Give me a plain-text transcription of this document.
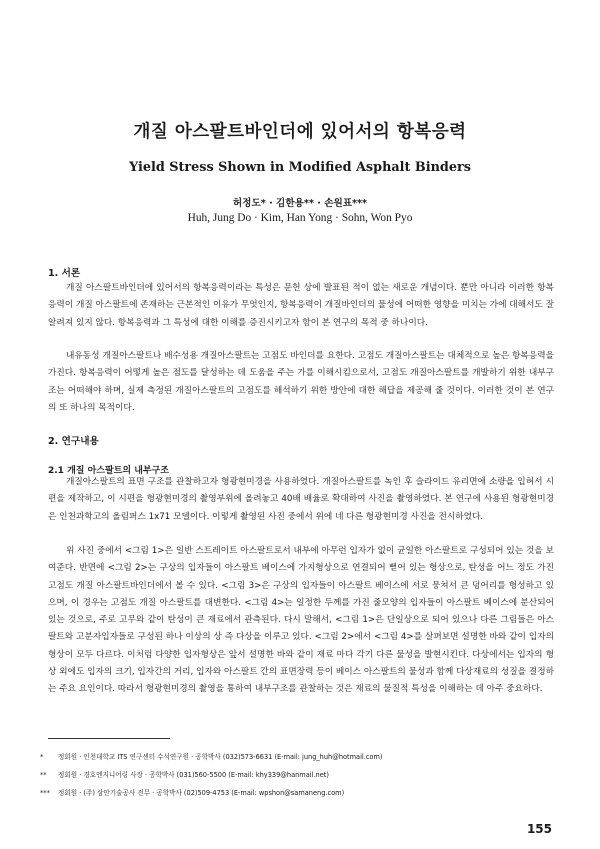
개질 아스팔트바인더에 있어서의 항복응력
Yield Stress Shown in Modified Asphalt Binders
허정도* · 김한용** · 손원표***
Huh, Jung Do · Kim, Han Yong · Sohn, Won Pyo
1. 서론

개질 아스팔트바인더에 있어서의 항복응력이라는 특성은 문헌 상에 발표된 적이 없는 새로운 개념이다. 뿐만 아니라 이러한 항복응력이 개질 아스팔트에 존재하는 근본적인 이유가 무엇인지, 항복응력이 개질바인더의 물성에 어떠한 영향을 미치는 가에 대해서도 잘 알려져 있지 않다. 항복응력과 그 특성에 대한 이해를 증진시키고자 함이 본 연구의 목적 중 하나이다.

내유동성 개질아스팔트나 배수성용 개질아스팔트는 고점도 바인더를 요한다. 고점도 개질아스팔트는 대체적으로 높은 항복응력을 가진다. 항복응력이 어떻게 높은 점도를 달성하는 데 도움을 주는 가를 이해시킴으로서, 고점도 개질아스팔트를 개발하기 위한 내부구조는 어떠해야 하며, 실제 측정된 개질아스팔트의 고점도를 해석하기 위한 방안에 대한 해답을 제공해 줄 것이다. 이러한 것이 본 연구의 또 하나의 목적이다.

2. 연구내용
2.1 개질 아스팔트의 내부구조

개질아스팔트의 표면 구조를 관찰하고자 형광현미경을 사용하였다. 개질아스팔트를 녹인 후 슬라이드 유리면에 소량을 입혀서 시편을 제작하고, 이 시편을 형광현미경의 촬영부위에 올려놓고 40배 배율로 확대하여 사진을 촬영하였다. 본 연구에 사용된 형광현미경은 인천과학고의 올림퍼스 1x71 모델이다. 이렇게 촬영된 사진 중에서 위에 네 다른 형광현미경 사진을 전시하였다.

위 사진 중에서 <그림 1>은 일반 스트레이트 아스팔트로서 내부에 아무런 입자가 없이 균일한 아스팔트로 구성되어 있는 것을 보여준다. 반면에 <그림 2>는 구상의 입자들이 아스팔트 베이스에 가지형상으로 연결되어 뻗어 있는 형상으로, 탄성을 어느 정도 가진 고점도 개질 아스팔트바인더에서 볼 수 있다. <그림 3>은 구상의 입자들이 아스팔트 베이스에 서로 뭉쳐서 큰 덩어리를 형성하고 있으며, 이 경우는 고점도 개질 아스팔트를 대변한다. <그림 4>는 일정한 두께를 가진 줄모양의 입자들이 아스팔트 베이스에 분산되어 있는 것으로, 주로 고무와 같이 탄성이 큰 재료에서 관측된다. 다시 말해서, <그림 1>은 단일상으로 되어 있으나 다른 그림들은 아스팔트와 고분자입자들로 구성된 하나 이상의 상 즉 다상을 이루고 있다. <그림 2>에서 <그림 4>를 살펴보면 설명한 바와 같이 입자의 형상이 모두 다르다. 이처럼 다양한 입자형상은 앞서 설명한 바와 같이 재료 마다 각기 다른 물성을 발현시킨다. 다상에서는 입자의 형상 외에도 입자의 크기, 입자간의 거리, 입자와 아스팔트 간의 표면장력 등이 베이스 아스팔트의 물성과 함께 다상재료의 성질을 결정하는 주요 요인이다. 따라서 형광현미경의 촬영을 통하여 내부구조를 관찰하는 것은 재료의 물질적 특성을 이해하는 데 아주 중요하다.

* 정회원 · 인천대학교 ITS 연구센터 수석연구원 · 공학박사 (032)573-6631 (E-mail: jung_huh@hotmail.com)
** 정회원 · 경호엔지니어링 사장 · 공학박사 (031)560-5500 (E-mail: khy339@hanmail.net)
*** 정회원 · (주) 삼안기술공사 전무 · 공학박사 (02)509-4753 (E-mail: wpshon@samaneng.com)
155
